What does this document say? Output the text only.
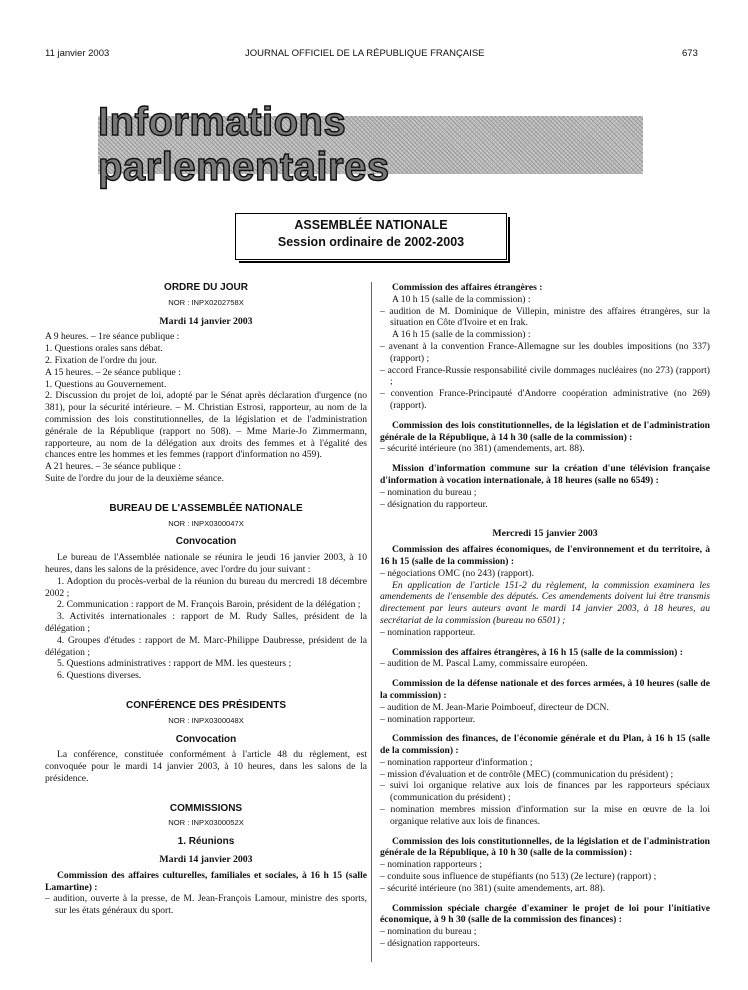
11 janvier 2003	JOURNAL OFFICIEL DE LA RÉPUBLIQUE FRANÇAISE	673
Informations parlementaires
ASSEMBLÉE NATIONALE
Session ordinaire de 2002-2003

ORDRE DU JOUR

NOR : INPX0202758X

Mardi 14 janvier 2003

A 9 heures. – 1re séance publique :

1. Questions orales sans débat.

2. Fixation de l'ordre du jour.

A 15 heures. – 2e séance publique :

1. Questions au Gouvernement.

2. Discussion du projet de loi, adopté par le Sénat après déclaration d'urgence (no 381), pour la sécurité intérieure. – M. Christian Estrosi, rapporteur, au nom de la commission des lois constitutionnelles, de la législation et de l'administration générale de la République (rapport no 508). – Mme Marie-Jo Zimmermann, rapporteure, au nom de la délégation aux droits des femmes et à l'égalité des chances entre les hommes et les femmes (rapport d'information no 459).

A 21 heures. – 3e séance publique :

Suite de l'ordre du jour de la deuxième séance.

BUREAU DE L'ASSEMBLÉE NATIONALE

NOR : INPX0300047X

Convocation

Le bureau de l'Assemblée nationale se réunira le jeudi 16 janvier 2003, à 10 heures, dans les salons de la présidence, avec l'ordre du jour suivant :

1. Adoption du procès-verbal de la réunion du bureau du mercredi 18 décembre 2002 ;

2. Communication : rapport de M. François Baroin, président de la délégation ;

3. Activités internationales : rapport de M. Rudy Salles, président de la délégation ;

4. Groupes d'études : rapport de M. Marc-Philippe Daubresse, président de la délégation ;

5. Questions administratives : rapport de MM. les questeurs ;

6. Questions diverses.

CONFÉRENCE DES PRÉSIDENTS

NOR : INPX0300048X

Convocation

La conférence, constituée conformément à l'article 48 du règlement, est convoquée pour le mardi 14 janvier 2003, à 10 heures, dans les salons de la présidence.

COMMISSIONS

NOR : INPX0300052X

1. Réunions

Mardi 14 janvier 2003

Commission des affaires culturelles, familiales et sociales, à 16 h 15 (salle Lamartine) :

– audition, ouverte à la presse, de M. Jean-François Lamour, ministre des sports, sur les états généraux du sport.

Commission des affaires étrangères :

A 10 h 15 (salle de la commission) :

– audition de M. Dominique de Villepin, ministre des affaires étrangères, sur la situation en Côte d'Ivoire et en Irak.

A 16 h 15 (salle de la commission) :

– avenant à la convention France-Allemagne sur les doubles impositions (no 337) (rapport) ;

– accord France-Russie responsabilité civile dommages nucléaires (no 273) (rapport) ;

– convention France-Principauté d'Andorre coopération administrative (no 269) (rapport).

Commission des lois constitutionnelles, de la législation et de l'administration générale de la République, à 14 h 30 (salle de la commission) :

– sécurité intérieure (no 381) (amendements, art. 88).

Mission d'information commune sur la création d'une télévision française d'information à vocation internationale, à 18 heures (salle no 6549) :

– nomination du bureau ;

– désignation du rapporteur.

Mercredi 15 janvier 2003

Commission des affaires économiques, de l'environnement et du territoire, à 16 h 15 (salle de la commission) :

– négociations OMC (no 243) (rapport).

En application de l'article 151-2 du règlement, la commission examinera les amendements de l'ensemble des députés. Ces amendements doivent lui être transmis directement par leurs auteurs avant le mardi 14 janvier 2003, à 18 heures, au secrétariat de la commission (bureau no 6501) ;

– nomination rapporteur.

Commission des affaires étrangères, à 16 h 15 (salle de la commission) :

– audition de M. Pascal Lamy, commissaire européen.

Commission de la défense nationale et des forces armées, à 10 heures (salle de la commission) :

– audition de M. Jean-Marie Poimboeuf, directeur de DCN.

– nomination rapporteur.

Commission des finances, de l'économie générale et du Plan, à 16 h 15 (salle de la commission) :

– nomination rapporteur d'information ;

– mission d'évaluation et de contrôle (MEC) (communication du président) ;

– suivi loi organique relative aux lois de finances par les rapporteurs spéciaux (communication du président) ;

– nomination membres mission d'information sur la mise en œuvre de la loi organique relative aux lois de finances.

Commission des lois constitutionnelles, de la législation et de l'administration générale de la République, à 10 h 30 (salle de la commission) :

– nomination rapporteurs ;

– conduite sous influence de stupéfiants (no 513) (2e lecture) (rapport) ;

– sécurité intérieure (no 381) (suite amendements, art. 88).

Commission spéciale chargée d'examiner le projet de loi pour l'initiative économique, à 9 h 30 (salle de la commission des finances) :

– nomination du bureau ;

– désignation rapporteurs.
